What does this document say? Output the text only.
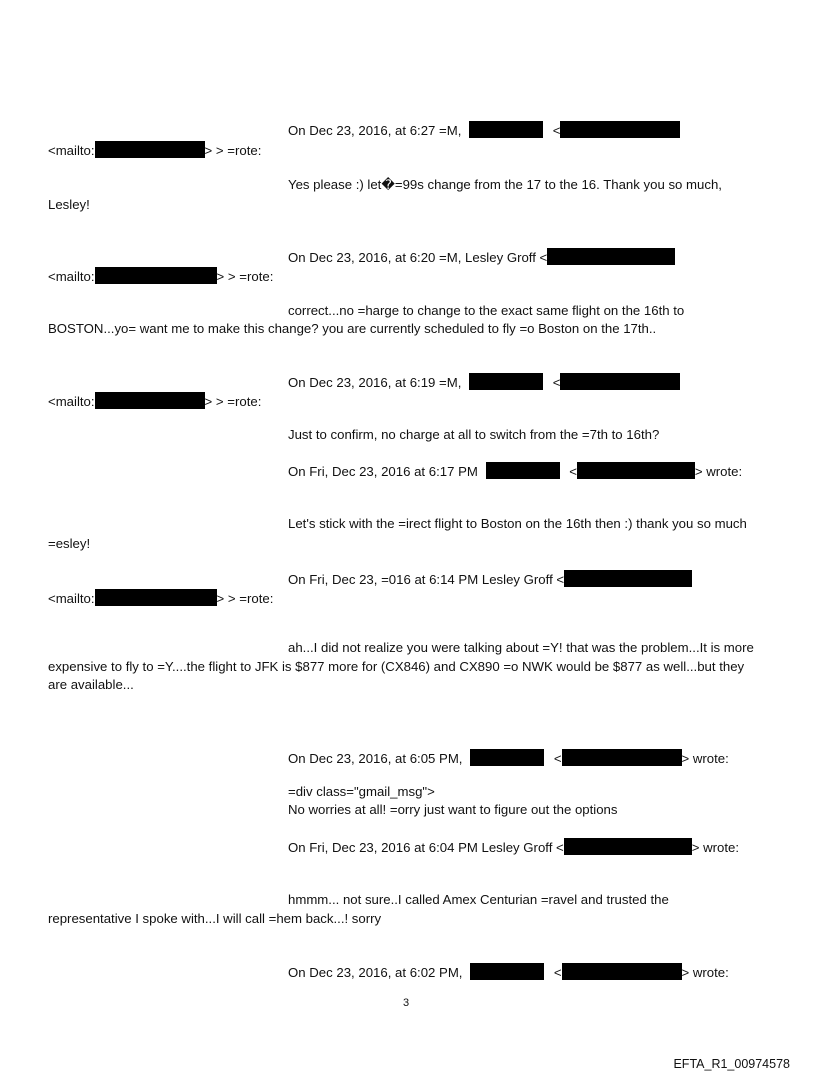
On Dec 23, 2016, at 6:27 =M,	<
<mailto:	> > =rote:
Yes please :) let�=99s change from the 17 to the 16. Thank you so much,
Lesley!
On Dec 23, 2016, at 6:20 =M, Lesley Groff <
<mailto:	> > =rote:
correct...no =harge to change to the exact same flight on the 16th to
BOSTON...yo= want me to make this change? you are currently scheduled to fly =o Boston on the 17th..
On Dec 23, 2016, at 6:19 =M,	<
<mailto:	> > =rote:
Just to confirm, no charge at all to switch from the =7th to 16th?
On Fri, Dec 23, 2016 at 6:17 PM	<	> wrote:
Let's stick with the =irect flight to Boston on the 16th then :) thank you so much
=esley!
On Fri, Dec 23, =016 at 6:14 PM Lesley Groff <
<mailto:	> > =rote:
ah...I did not realize you were talking about =Y! that was the problem...It is more
expensive to fly to =Y....the flight to JFK is $877 more for (CX846) and CX890 =o NWK would be $877 as well...but they
are available...
On Dec 23, 2016, at 6:05 PM,	<	> wrote:
=div class="gmail_msg">
No worries at all! =orry just want to figure out the options
On Fri, Dec 23, 2016 at 6:04 PM Lesley Groff <	> wrote:
hmmm... not sure..I called Amex Centurian =ravel and trusted the
representative I spoke with...I will call =hem back...! sorry
On Dec 23, 2016, at 6:02 PM,	<	> wrote:
3
EFTA_R1_00974578
